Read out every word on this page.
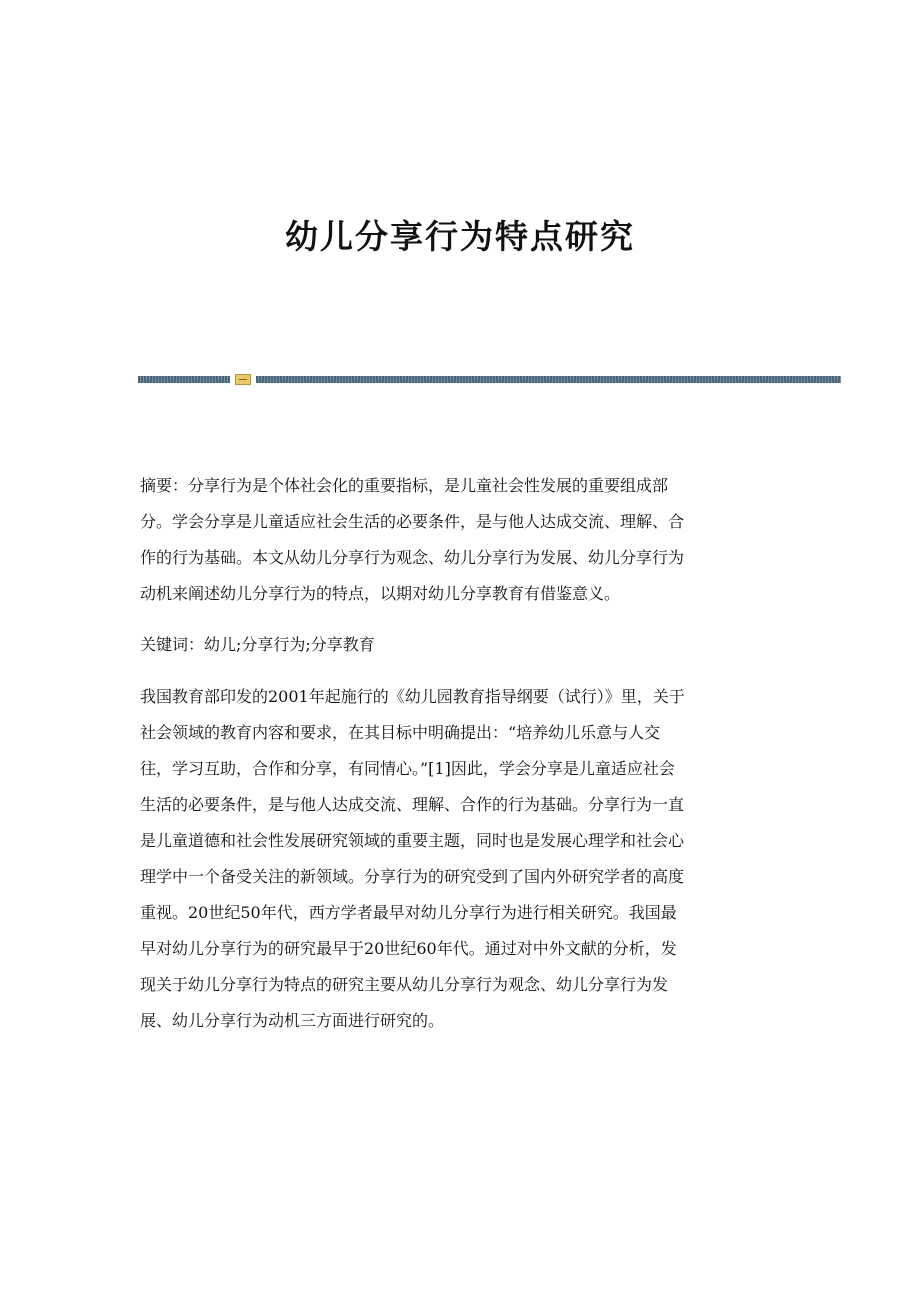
幼儿分享行为特点研究

摘要：分享行为是个体社会化的重要指标，是儿童社会性发展的重要组成部
分。学会分享是儿童适应社会生活的必要条件，是与他人达成交流、理解、合
作的行为基础。本文从幼儿分享行为观念、幼儿分享行为发展、幼儿分享行为
动机来阐述幼儿分享行为的特点，以期对幼儿分享教育有借鉴意义。

关键词：幼儿;分享行为;分享教育

我国教育部印发的2001年起施行的《幼儿园教育指导纲要（试行）》里，关于
社会领域的教育内容和要求，在其目标中明确提出：“培养幼儿乐意与人交
往，学习互助，合作和分享，有同情心。”[1]因此，学会分享是儿童适应社会
生活的必要条件，是与他人达成交流、理解、合作的行为基础。分享行为一直
是儿童道德和社会性发展研究领域的重要主题，同时也是发展心理学和社会心
理学中一个备受关注的新领域。分享行为的研究受到了国内外研究学者的高度
重视。20世纪50年代，西方学者最早对幼儿分享行为进行相关研究。我国最
早对幼儿分享行为的研究最早于20世纪60年代。通过对中外文献的分析，发
现关于幼儿分享行为特点的研究主要从幼儿分享行为观念、幼儿分享行为发
展、幼儿分享行为动机三方面进行研究的。
